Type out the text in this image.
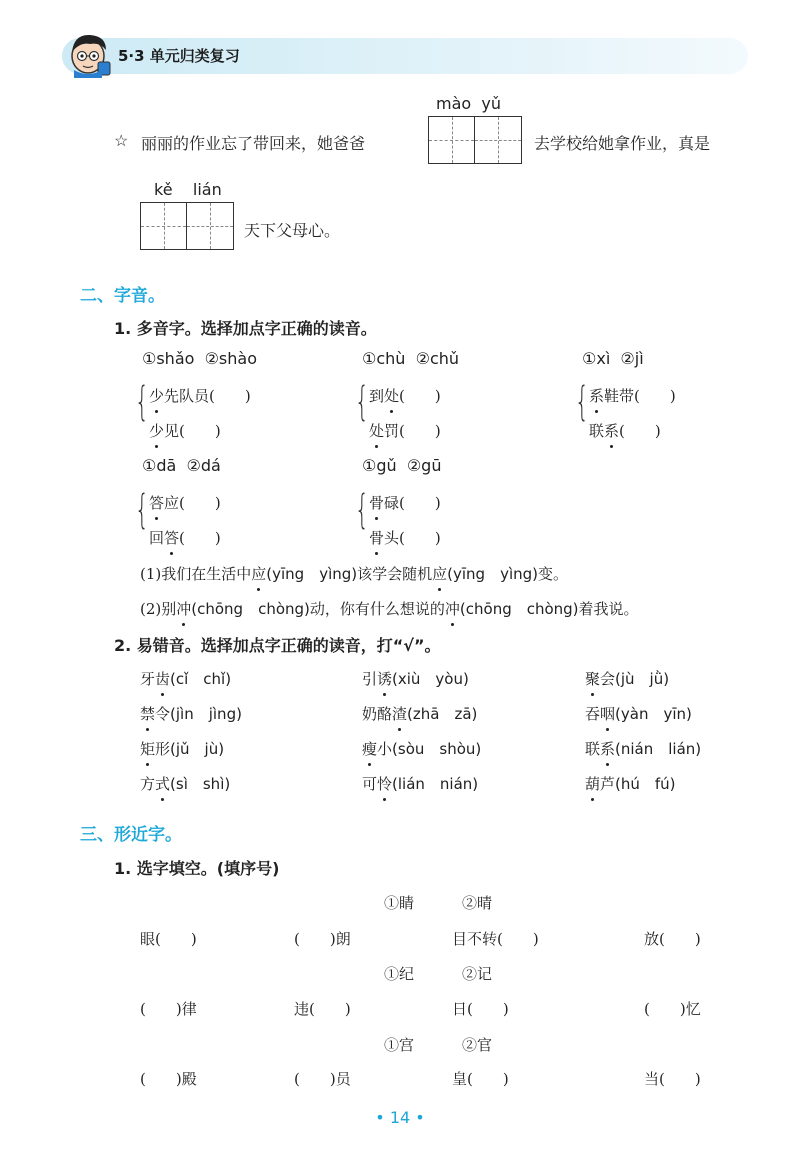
5·3 单元归类复习
☆ 丽丽的作业忘了带回来，她爸爸
mào  yǔ
去学校给她拿作业，真是
kě    lián
天下父母心。
二、字音。
1. 多音字。选择加点字正确的读音。
①shǎo  ②shào
{ 少先队员(　　)
少见(　　)
①chù  ②chǔ
{ 到处(　　)
处罚(　　)
①xì  ②jì
{ 系鞋带(　　)
联系(　　)
①dā  ②dá
{ 答应(　　)
回答(　　)
①gǔ  ②gū
{ 骨碌(　　)
骨头(　　)
(1)我们在生活中应(yīng　yìng)该学会随机应(yīng　yìng)变。
(2)别冲(chōng　chòng)动，你有什么想说的冲(chōng　chòng)着我说。
2. 易错音。选择加点字正确的读音，打“√”。
牙齿(cǐ　chǐ)	引诱(xiù　yòu)	聚会(jù　jǜ)
禁令(jìn　jìng)	奶酪渣(zhā　zā)	吞咽(yàn　yīn)
矩形(jǔ　jù)	瘦小(sòu　shòu)	联系(nián　lián)
方式(sì　shì)	可怜(lián　nián)	葫芦(hú　fú)
三、形近字。
1. 选字填空。(填序号)
①睛	②晴
眼(　　)	(　　)朗	目不转(　　)	放(　　)
①纪	②记
(　　)律	违(　　)	日(　　)	(　　)忆
①宫	②官
(　　)殿	(　　)员	皇(　　)	当(　　)
• 14 •
